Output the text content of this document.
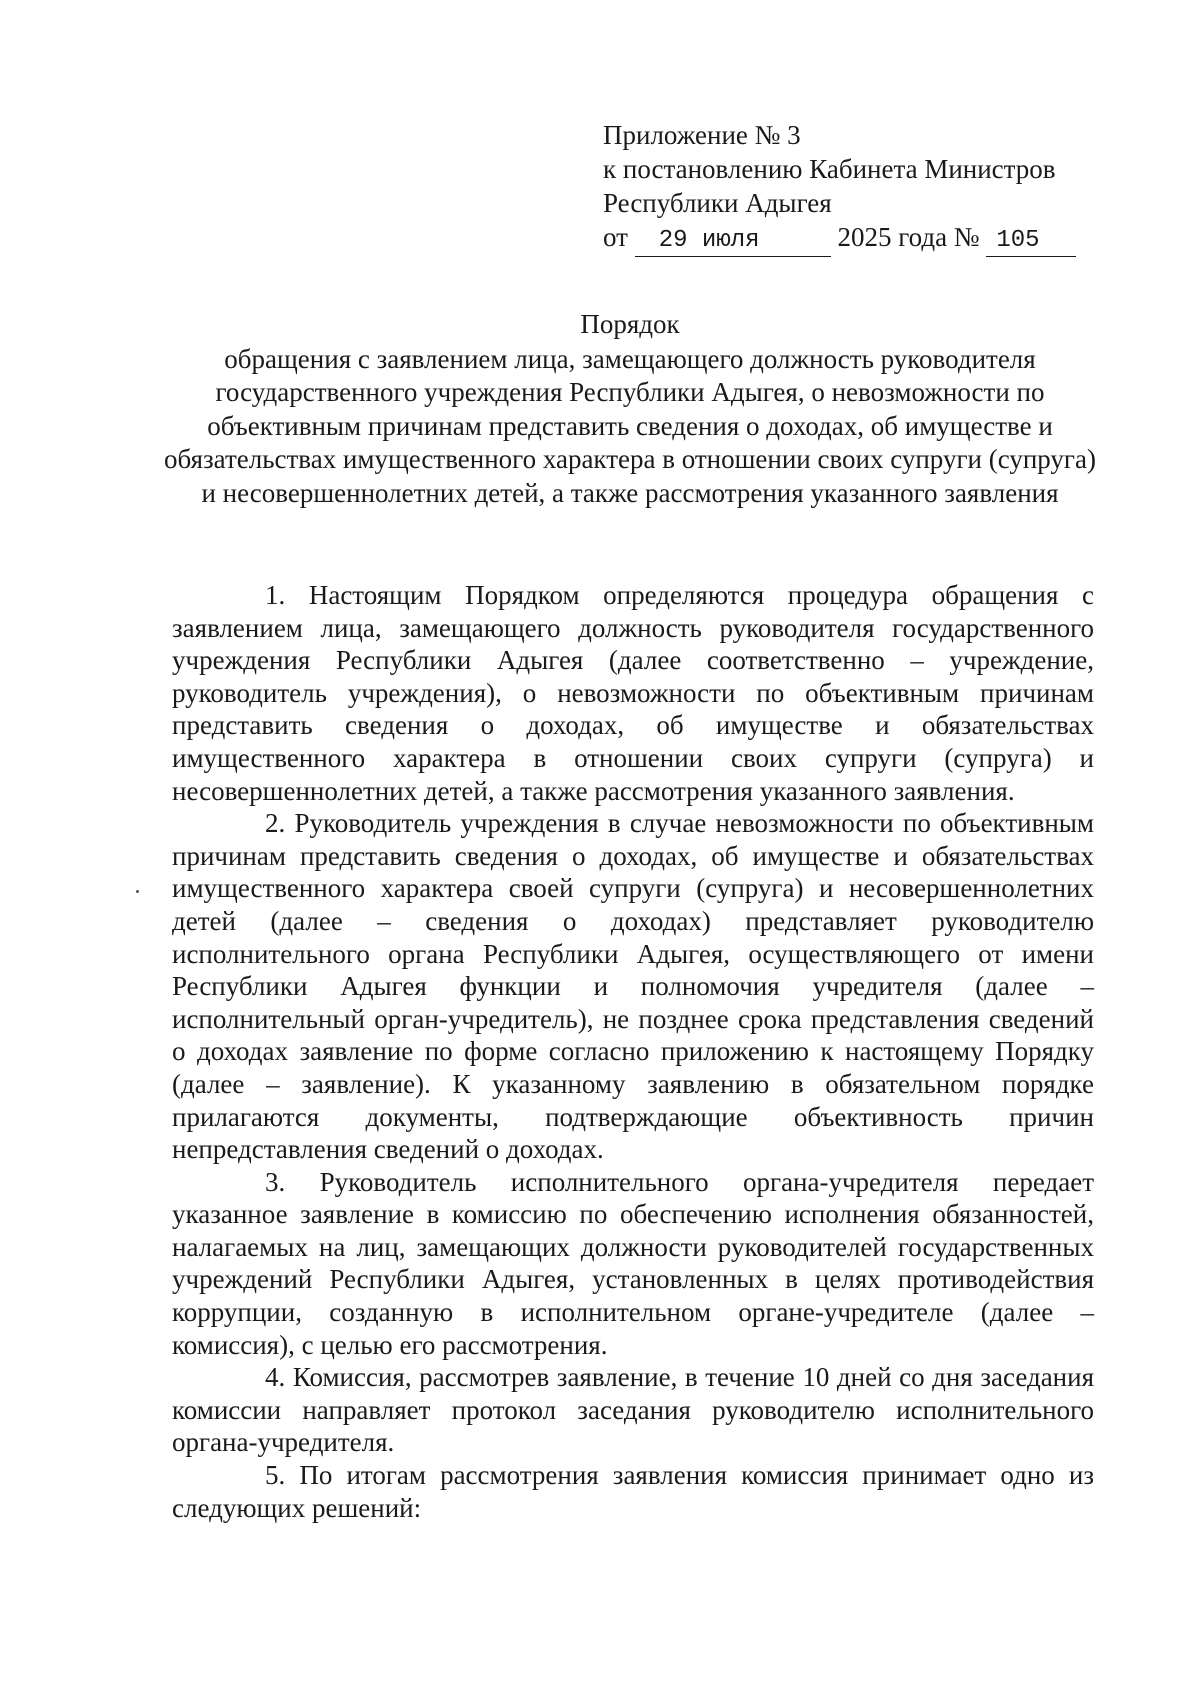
Приложение № 3
к постановлению Кабинета Министров
Республики Адыгея
от 29 июля	2025 года № 105
Порядок
обращения с заявлением лица, замещающего должность руководителя государственного учреждения Республики Адыгея, о невозможности по объективным причинам представить сведения о доходах, об имуществе и обязательствах имущественного характера в отношении своих супруги (супруга) и несовершеннолетних детей, а также рассмотрения указанного заявления

1. Настоящим Порядком определяются процедура обращения с заявлением лица, замещающего должность руководителя государственного учреждения Республики Адыгея (далее соответственно – учреждение, руководитель учреждения), о невозможности по объективным причинам представить сведения о доходах, об имуществе и обязательствах имущественного характера в отношении своих супруги (супруга) и несовершеннолетних детей, а также рассмотрения указанного заявления.

2. Руководитель учреждения в случае невозможности по объективным причинам представить сведения о доходах, об имуществе и обязательствах имущественного характера своей супруги (супруга) и несовершеннолетних детей (далее – сведения о доходах) представляет руководителю исполнительного органа Республики Адыгея, осуществляющего от имени Республики Адыгея функции и полномочия учредителя (далее – исполнительный орган-учредитель), не позднее срока представления сведений о доходах заявление по форме согласно приложению к настоящему Порядку (далее – заявление). К указанному заявлению в обязательном порядке прилагаются документы, подтверждающие объективность причин непредставления сведений о доходах.

3. Руководитель исполнительного органа-учредителя передает указанное заявление в комиссию по обеспечению исполнения обязанностей, налагаемых на лиц, замещающих должности руководителей государственных учреждений Республики Адыгея, установленных в целях противодействия коррупции, созданную в исполнительном органе-учредителе (далее – комиссия), с целью его рассмотрения.

4. Комиссия, рассмотрев заявление, в течение 10 дней со дня заседания комиссии направляет протокол заседания руководителю исполнительного органа-учредителя.

5. По итогам рассмотрения заявления комиссия принимает одно из следующих решений:
